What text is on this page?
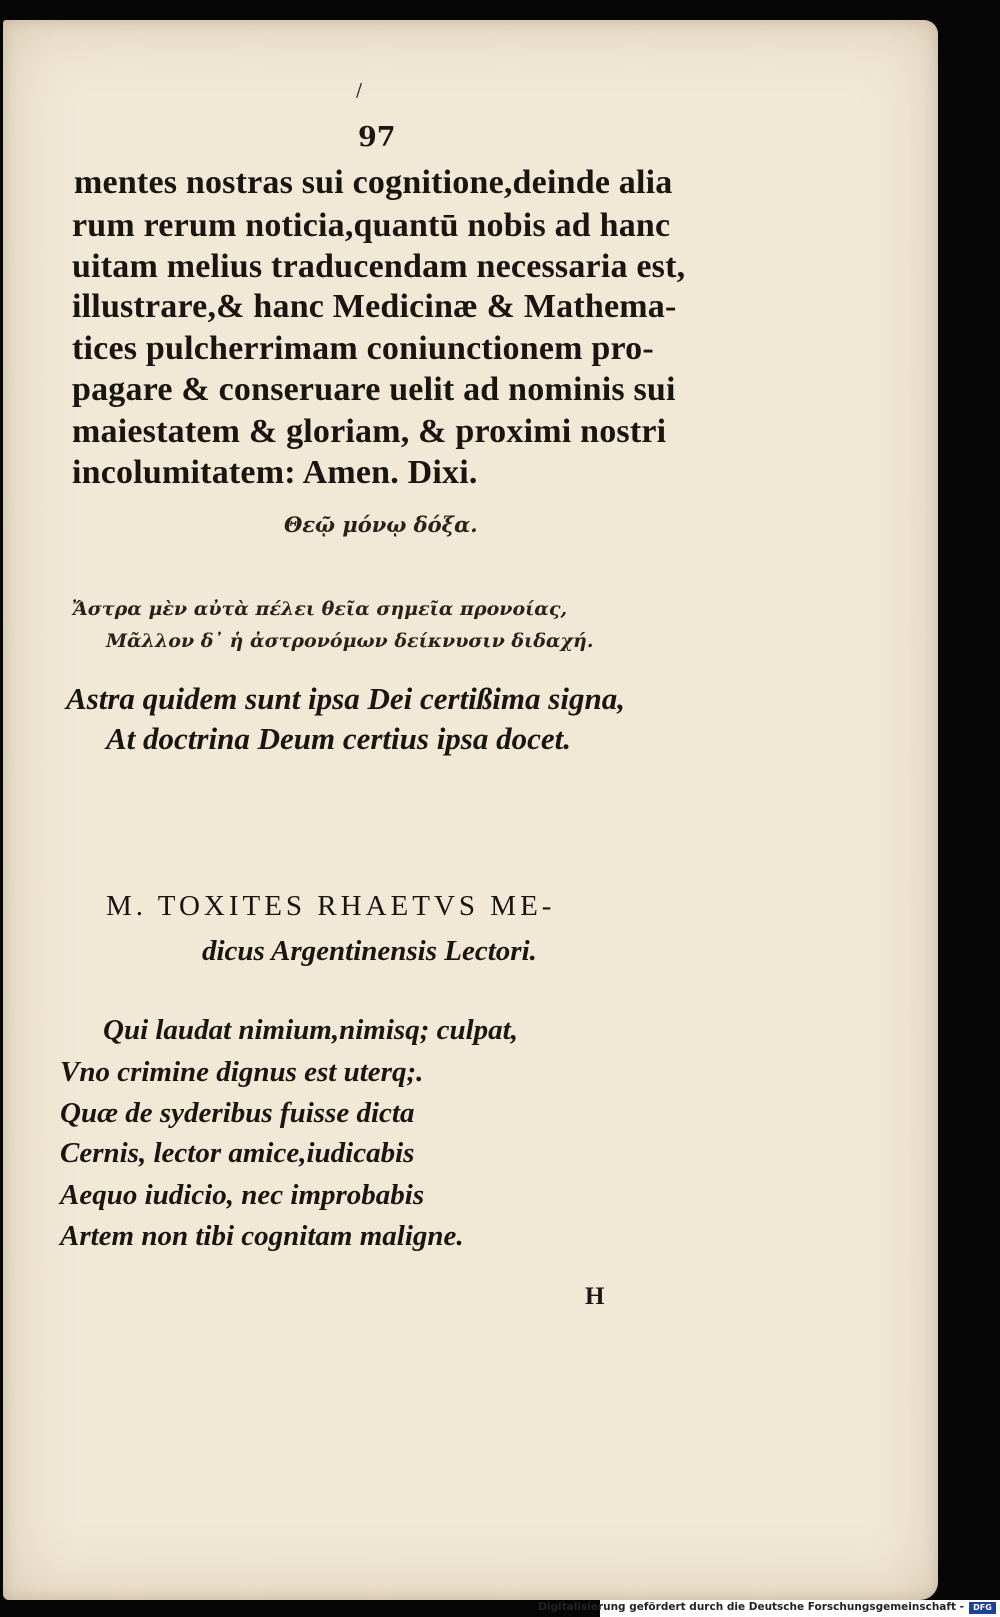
/
97
mentes nostras sui cognitione,deinde alia
rum rerum noticia,quantū nobis ad hanc
uitam melius traducendam necessaria est,
illustrare,& hanc Medicinæ & Mathema-
tices pulcherrimam coniunctionem pro-
pagare & conseruare uelit ad nominis sui
maiestatem & gloriam, & proximi nostri
incolumitatem: Amen. Dixi.
Θεῷ μόνῳ δόξα.
Ἄστρα μὲν αὐτὰ πέλει θεῖα σημεῖα προνοίας,
Μᾶλλον δ᾽ ἡ ἀστρονόμων δείκνυσιν διδαχή.
Astra quidem sunt ipsa Dei certißima signa,
At doctrina Deum certius ipsa docet.
M. TOXITES RHAETVS ME-
dicus Argentinensis Lectori.
Qui laudat nimium,nimisq; culpat,
Vno crimine dignus est uterq;.
Quæ de syderibus fuisse dicta
Cernis, lector amice,iudicabis
Aequo iudicio, nec improbabis
Artem non tibi cognitam maligne.
H
Digitalisierung gefördert durch die Deutsche Forschungsgemeinschaft -	DFG
